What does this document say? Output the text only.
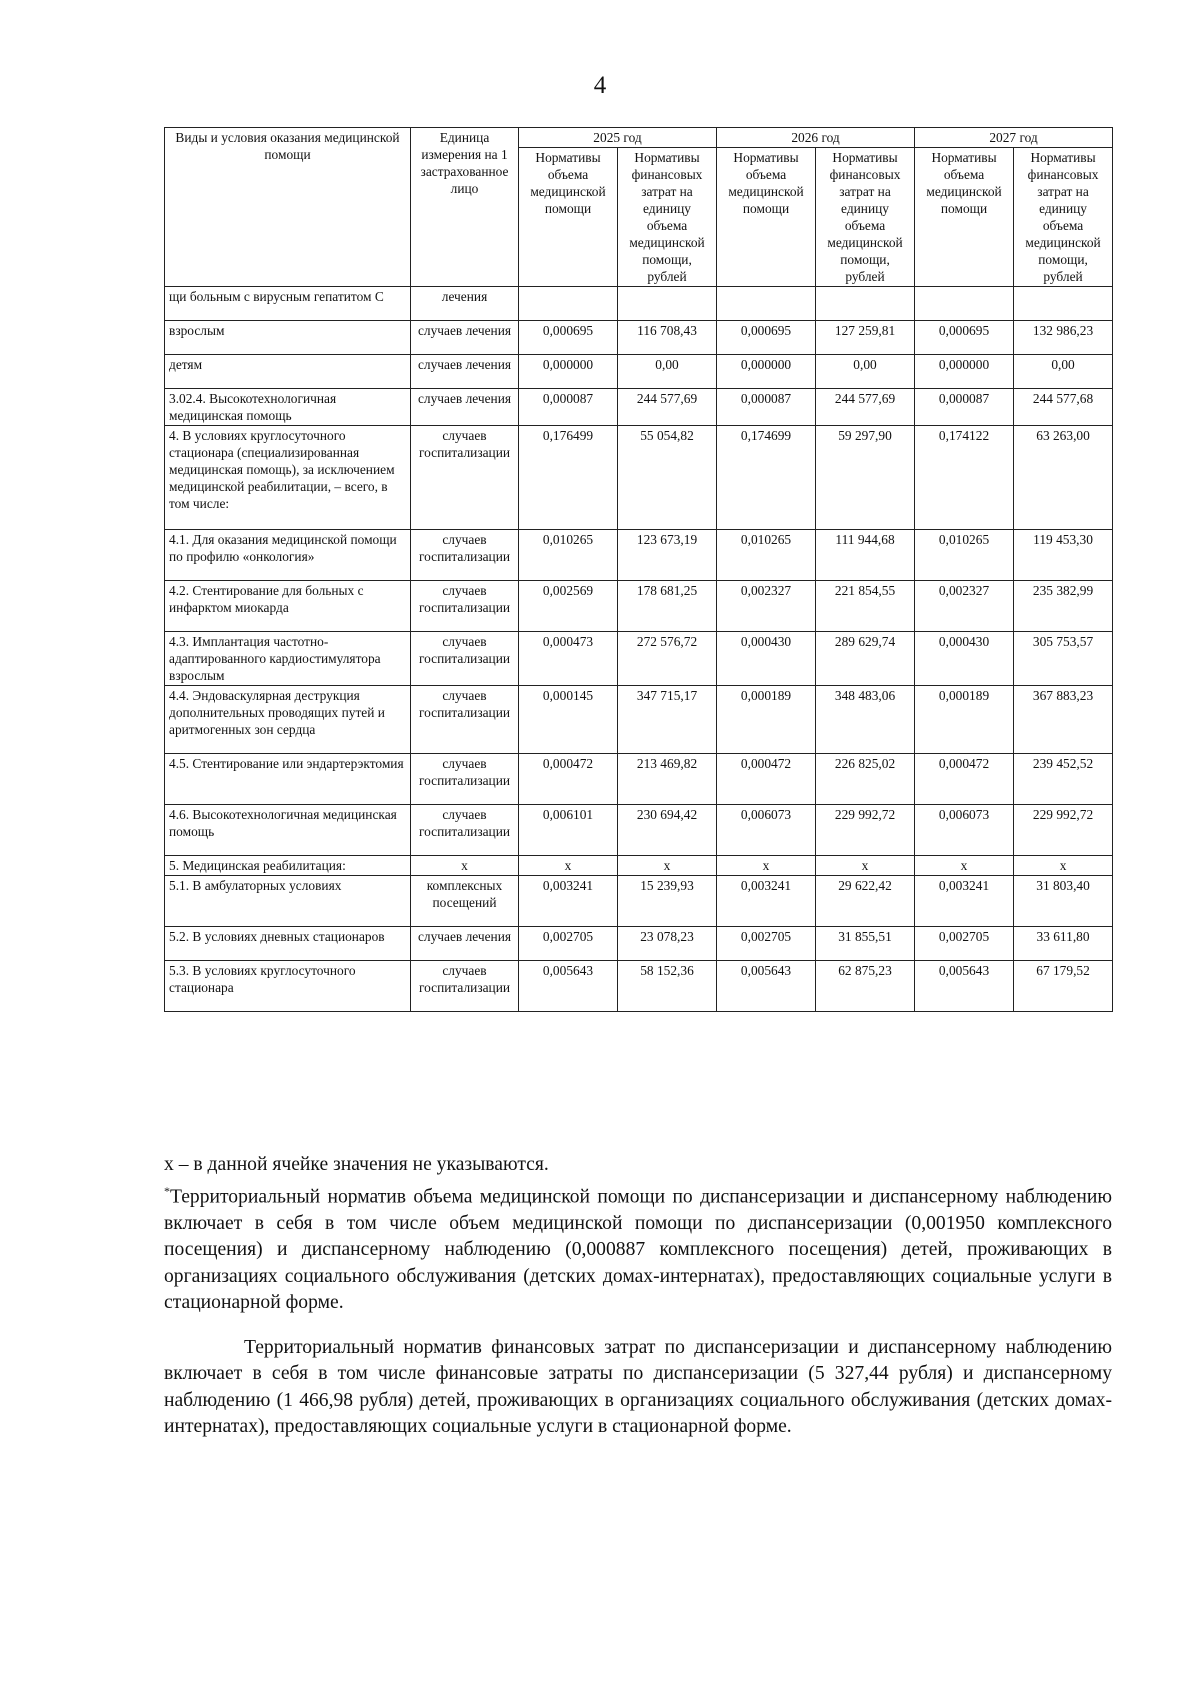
4
Виды и условия оказания медицинской помощи	Единица измерения на 1 застрахованное лицо	2025 год		2026 год		2027 год	
		Нормативы объема медицинской помощи	Нормативы финансовых затрат на единицу объема медицинской помощи, рублей	Нормативы объема медицинской помощи	Нормативы финансовых затрат на единицу объема медицинской помощи, рублей	Нормативы объема медицинской помощи	Нормативы финансовых затрат на единицу объема медицинской помощи, рублей
щи больным с вирусным гепатитом С	лечения						
взрослым	случаев лечения	0,000695	116 708,43	0,000695	127 259,81	0,000695	132 986,23
детям	случаев лечения	0,000000	0,00	0,000000	0,00	0,000000	0,00
3.02.4. Высокотехнологичная медицинская помощь	случаев лечения	0,000087	244 577,69	0,000087	244 577,69	0,000087	244 577,68
4. В условиях круглосуточного стационара (специализированная медицинская помощь), за исключением медицинской реабилитации, – всего, в том числе:	случаев госпитализации	0,176499	55 054,82	0,174699	59 297,90	0,174122	63 263,00
4.1. Для оказания медицинской помощи по профилю «онкология»	случаев госпитализации	0,010265	123 673,19	0,010265	111 944,68	0,010265	119 453,30
4.2. Стентирование для больных с инфарктом миокарда	случаев госпитализации	0,002569	178 681,25	0,002327	221 854,55	0,002327	235 382,99
4.3. Имплантация частотно-адаптированного кардиостимулятора взрослым	случаев госпитализации	0,000473	272 576,72	0,000430	289 629,74	0,000430	305 753,57
4.4. Эндоваскулярная деструкция дополнительных проводящих путей и аритмогенных зон сердца	случаев госпитализации	0,000145	347 715,17	0,000189	348 483,06	0,000189	367 883,23
4.5. Стентирование или эндартерэктомия	случаев госпитализации	0,000472	213 469,82	0,000472	226 825,02	0,000472	239 452,52
4.6. Высокотехнологичная медицинская помощь	случаев госпитализации	0,006101	230 694,42	0,006073	229 992,72	0,006073	229 992,72
5. Медицинская реабилитация:	х	х	х	х	х	х	х
5.1. В амбулаторных условиях	комплексных посещений	0,003241	15 239,93	0,003241	29 622,42	0,003241	31 803,40
5.2. В условиях дневных стационаров	случаев лечения	0,002705	23 078,23	0,002705	31 855,51	0,002705	33 611,80
5.3. В условиях круглосуточного стационара	случаев госпитализации	0,005643	58 152,36	0,005643	62 875,23	0,005643	67 179,52

х – в данной ячейке значения не указываются.

*Территориальный норматив объема медицинской помощи по диспансеризации и диспансерному наблюдению включает в себя в том числе объем медицинской помощи по диспансеризации (0,001950 комплексного посещения) и диспансерному наблюдению (0,000887 комплексного посещения) детей, проживающих в организациях социального обслуживания (детских домах-интернатах), предоставляющих социальные услуги в стационарной форме.

Территориальный норматив финансовых затрат по диспансеризации и диспансерному наблюдению включает в себя в том числе финансовые затраты по диспансеризации (5 327,44 рубля) и диспансерному наблюдению (1 466,98 рубля) детей, проживающих в организациях социального обслуживания (детских домах-интернатах), предоставляющих социальные услуги в стационарной форме.
